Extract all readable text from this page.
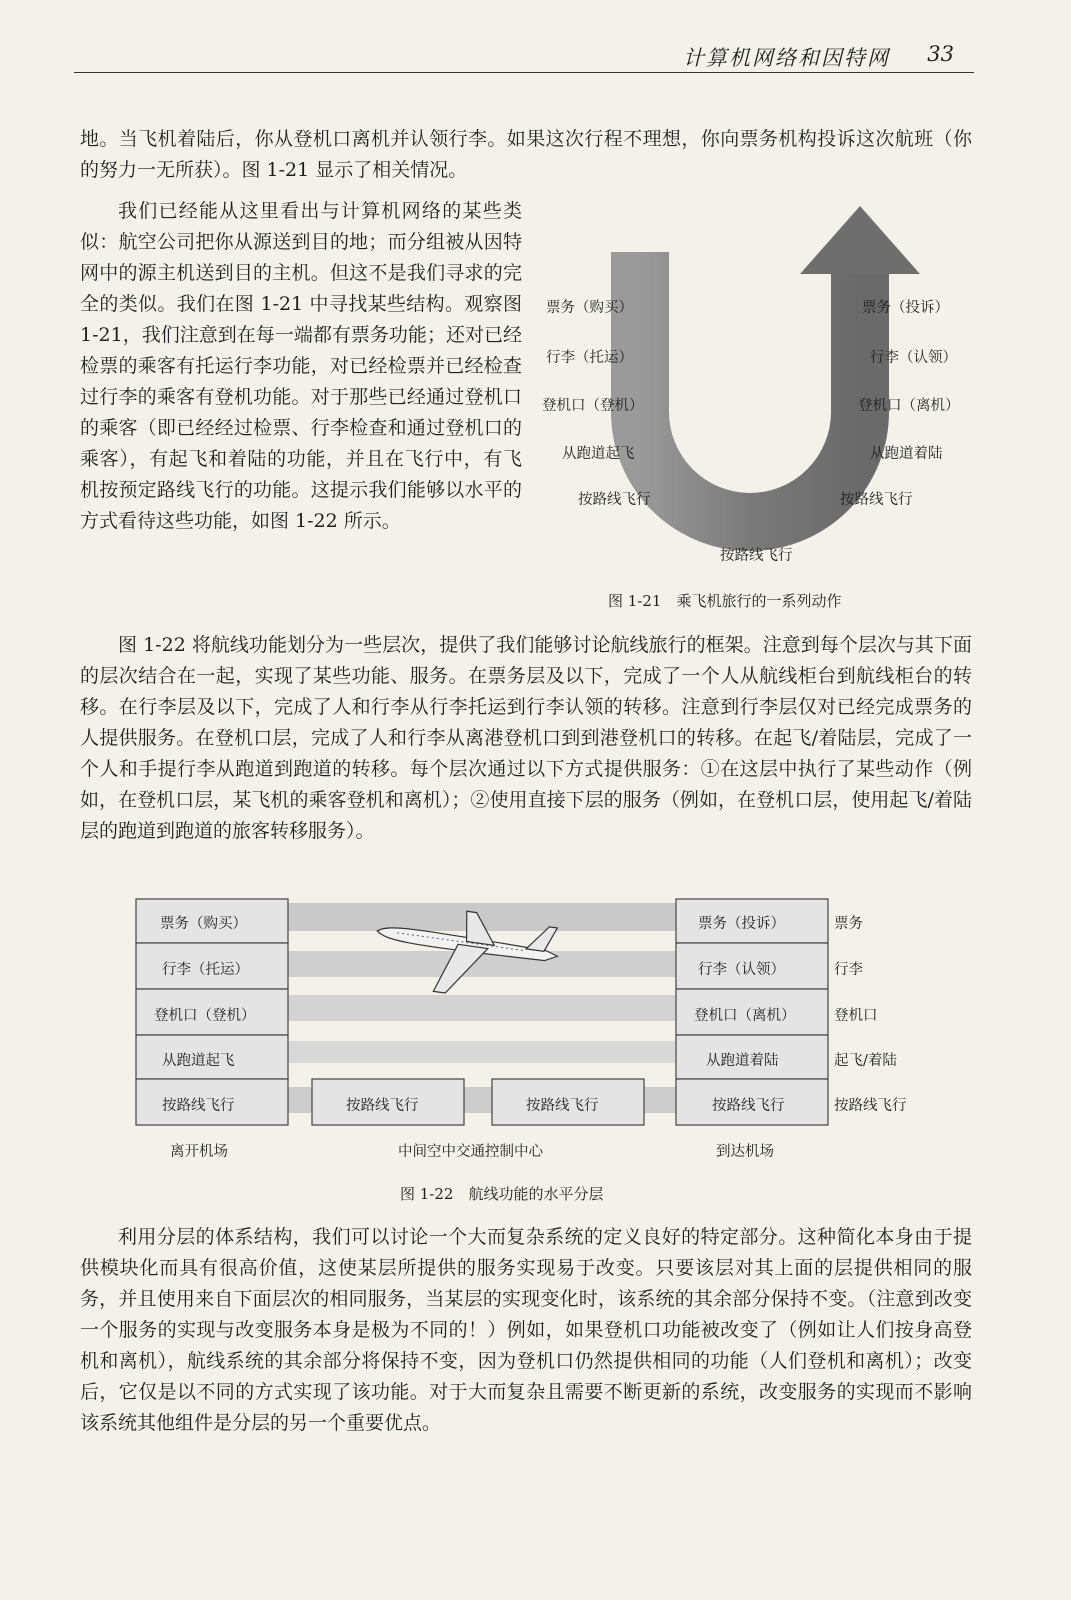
计算机网络和因特网 33

地。当飞机着陆后，你从登机口离机并认领行李。如果这次行程不理想，你向票务机构投诉这次航班（你的努力一无所获）。图 1-21 显示了相关情况。

我们已经能从这里看出与计算机网络的某些类似：航空公司把你从源送到目的地；而分组被从因特网中的源主机送到目的主机。但这不是我们寻求的完全的类似。我们在图 1-21 中寻找某些结构。观察图 1-21，我们注意到在每一端都有票务功能；还对已经检票的乘客有托运行李功能，对已经检票并已经检查过行李的乘客有登机功能。对于那些已经通过登机口的乘客（即已经经过检票、行李检查和通过登机口的乘客），有起飞和着陆的功能，并且在飞行中，有飞机按预定路线飞行的功能。这提示我们能够以水平的方式看待这些功能，如图 1-22 所示。

票务（购买）
行李（托运）
登机口（登机）
从跑道起飞
按路线飞行
票务（投诉）
行李（认领）
登机口（离机）
从跑道着陆
按路线飞行
按路线飞行
图 1-21　乘飞机旅行的一系列动作

图 1-22 将航线功能划分为一些层次，提供了我们能够讨论航线旅行的框架。注意到每个层次与其下面的层次结合在一起，实现了某些功能、服务。在票务层及以下，完成了一个人从航线柜台到航线柜台的转移。在行李层及以下，完成了人和行李从行李托运到行李认领的转移。注意到行李层仅对已经完成票务的人提供服务。在登机口层，完成了人和行李从离港登机口到到港登机口的转移。在起飞/着陆层，完成了一个人和手提行李从跑道到跑道的转移。每个层次通过以下方式提供服务：①在这层中执行了某些动作（例如，在登机口层，某飞机的乘客登机和离机）；②使用直接下层的服务（例如，在登机口层，使用起飞/着陆层的跑道到跑道的旅客转移服务）。

票务（购买）
行李（托运）
登机口（登机）
从跑道起飞
按路线飞行	按路线飞行	按路线飞行
票务（投诉）
行李（认领）
登机口（离机）
从跑道着陆
按路线飞行
票务
行李
登机口
起飞/着陆
按路线飞行
离开机场	中间空中交通控制中心	到达机场
图 1-22　航线功能的水平分层

利用分层的体系结构，我们可以讨论一个大而复杂系统的定义良好的特定部分。这种简化本身由于提供模块化而具有很高价值，这使某层所提供的服务实现易于改变。只要该层对其上面的层提供相同的服务，并且使用来自下面层次的相同服务，当某层的实现变化时，该系统的其余部分保持不变。（注意到改变一个服务的实现与改变服务本身是极为不同的！）例如，如果登机口功能被改变了（例如让人们按身高登机和离机），航线系统的其余部分将保持不变，因为登机口仍然提供相同的功能（人们登机和离机）；改变后，它仅是以不同的方式实现了该功能。对于大而复杂且需要不断更新的系统，改变服务的实现而不影响该系统其他组件是分层的另一个重要优点。
